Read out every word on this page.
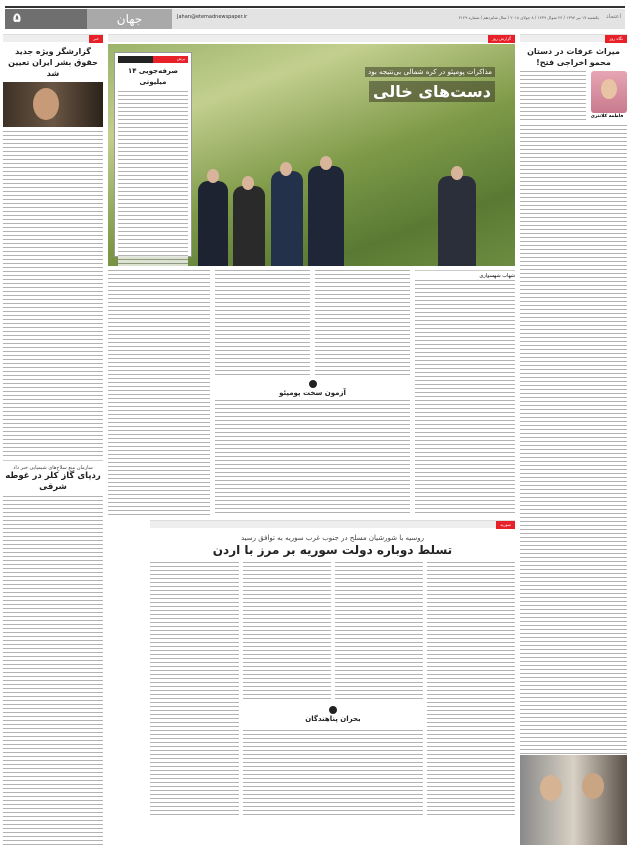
۵	جهان	Jahan@etemadnewspaper.ir	یکشنبه ۱۷ تیر ۱۳۹۷ / ۲۴ شوال ۱۴۳۹ / ۸ جولای ۲۰۱۸ / سال شانزدهم / شماره ۴۱۲۹ اعتماد
خبر
گزارشگر ویژه جدید حقوق بشر ایران تعیین شد
سازمان منع سلاح‌های شیمیایی خبر داد
ردپای گاز کلر در غوطه شرقی
گزارش روز
مذاکرات پومپئو در کره شمالی بی‌نتیجه بود
دست‌های خالی
برش
صرفه‌جویی ۱۴ میلیونی
شهاب شهسواری
آزمون سخت پومپئو
سوریه
روسیه با شورشیان مسلح در جنوب غرب سوریه به توافق رسید
تسلط دوباره دولت سوریه بر مرز با اردن
بحران پناهندگان
نگاه روز
میراث عرفات در دستان محمو اخراجی فتح!
فاطمه کلانتری
